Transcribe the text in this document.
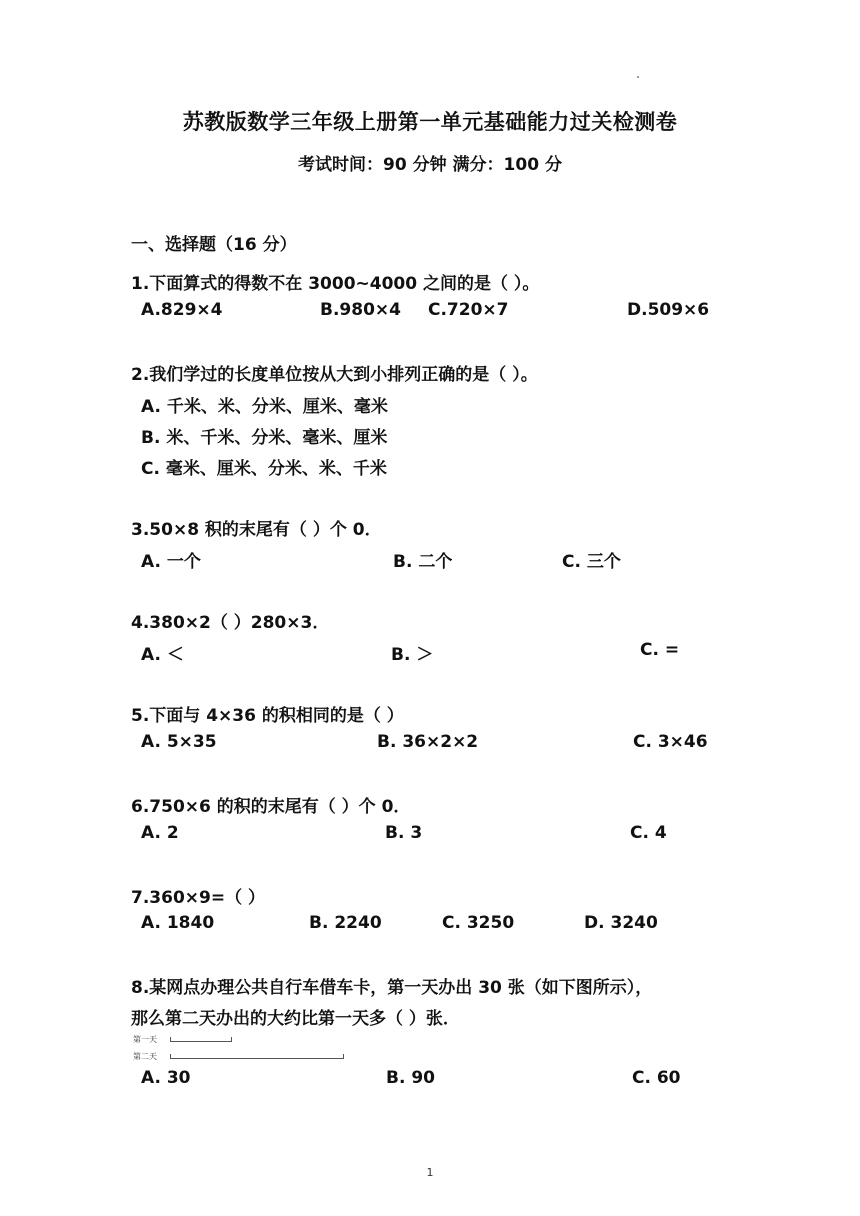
苏教版数学三年级上册第一单元基础能力过关检测卷
考试时间：90 分钟 满分：100 分
一、选择题（16 分）
1.下面算式的得数不在 3000~4000 之间的是（ ）。
A.829×4	B.980×4 C.720×7	D.509×6
2.我们学过的长度单位按从大到小排列正确的是（ ）。
A. 千米、米、分米、厘米、毫米
B. 米、千米、分米、毫米、厘米
C. 毫米、厘米、分米、米、千米
3.50×8 积的末尾有（ ）个 0．
A. 一个	B. 二个	C. 三个
4.380×2（ ）280×3．
A. ＜	B. ＞	C. =
5.下面与 4×36 的积相同的是（ ）
A. 5×35	B. 36×2×2	C. 3×46
6.750×6 的积的末尾有（ ）个 0．
A. 2	B. 3	C. 4
7.360×9=（ ）
A. 1840	B. 2240	C. 3250	D. 3240
8.某网点办理公共自行车借车卡，第一天办出 30 张（如下图所示），
那么第二天办出的大约比第一天多（ ）张．
第一天
第二天
A. 30	B. 90	C. 60
1
